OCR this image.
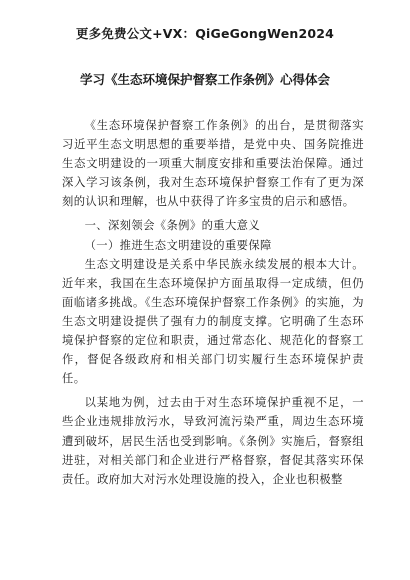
更多免费公文+VX：QiGeGongWen2024
学习《生态环境保护督察工作条例》心得体会

《生态环境保护督察工作条例》的出台，是贯彻落实习近平生态文明思想的重要举措，是党中央、国务院推进生态文明建设的一项重大制度安排和重要法治保障。通过深入学习该条例，我对生态环境保护督察工作有了更为深刻的认识和理解，也从中获得了许多宝贵的启示和感悟。

一、深刻领会《条例》的重大意义

（一）推进生态文明建设的重要保障

生态文明建设是关系中华民族永续发展的根本大计。近年来，我国在生态环境保护方面虽取得一定成绩，但仍面临诸多挑战。《生态环境保护督察工作条例》的实施，为生态文明建设提供了强有力的制度支撑。它明确了生态环境保护督察的定位和职责，通过常态化、规范化的督察工作，督促各级政府和相关部门切实履行生态环境保护责任。

以某地为例，过去由于对生态环境保护重视不足，一些企业违规排放污水，导致河流污染严重，周边生态环境遭到破坏，居民生活也受到影响。《条例》实施后，督察组进驻，对相关部门和企业进行严格督察，督促其落实环保责任。政府加大对污水处理设施的投入，企业也积极整
